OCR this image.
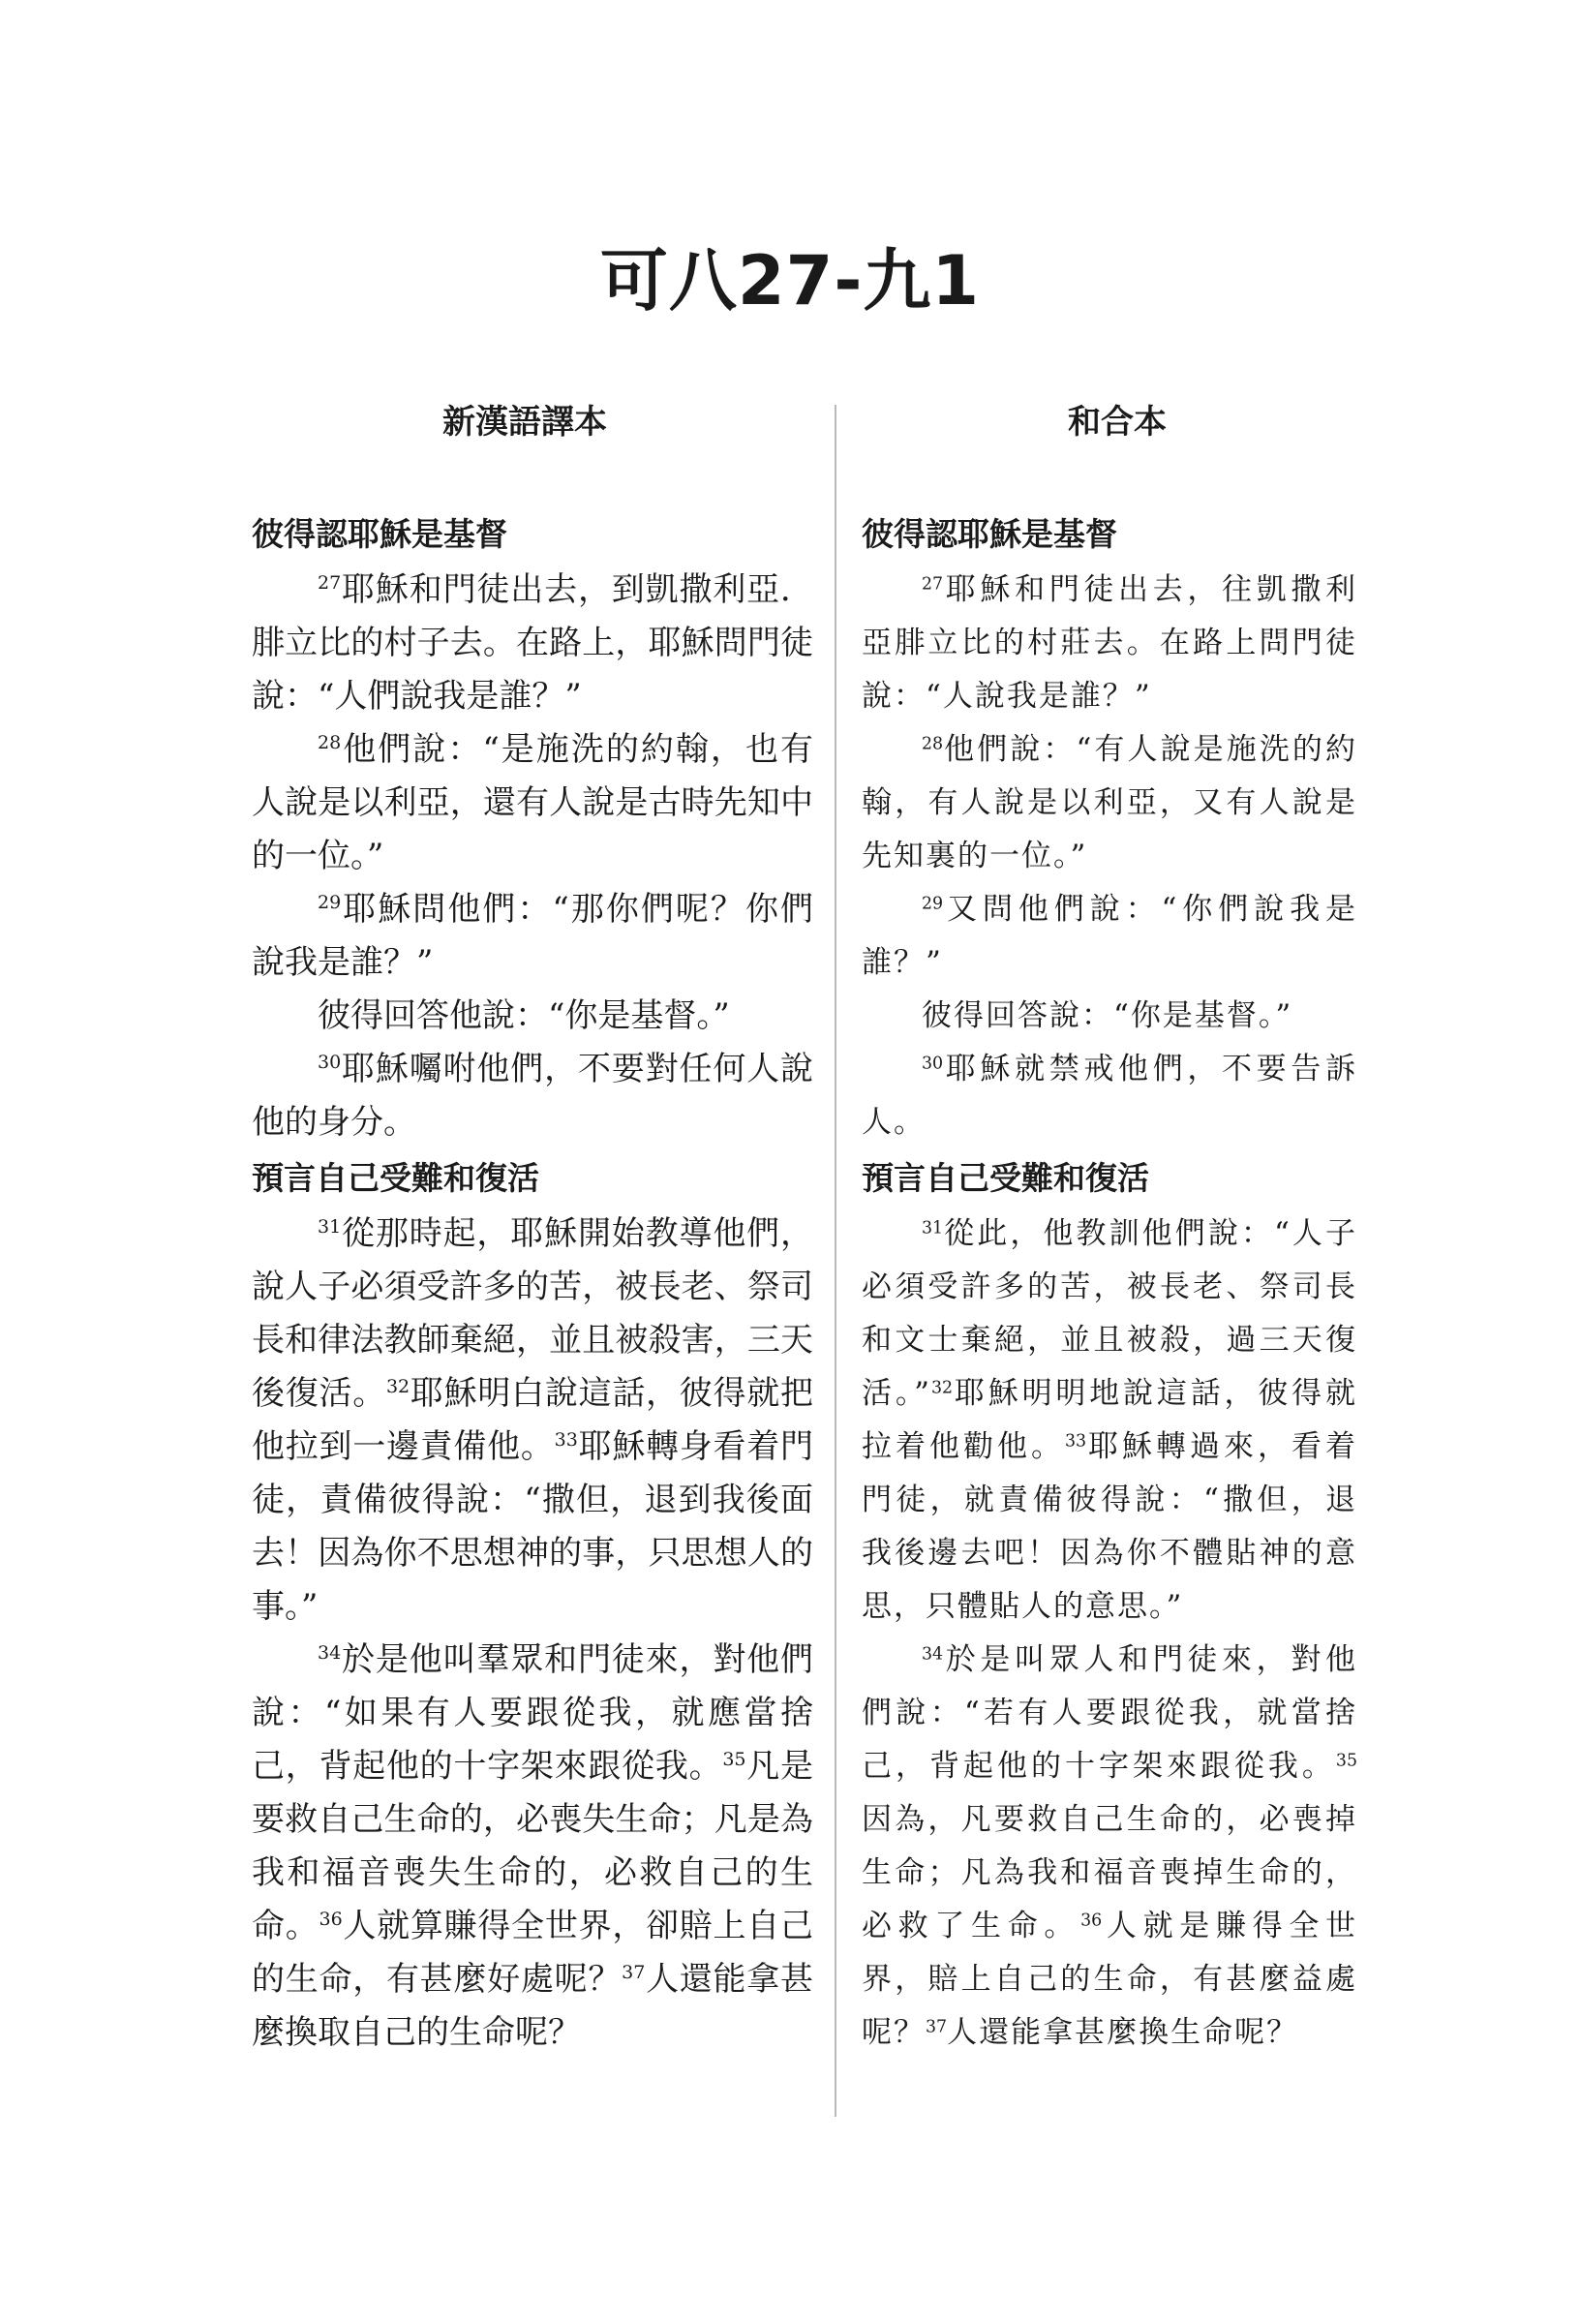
可八27-九1
新漢語譯本	和合本
彼得認耶穌是基督

$^{27}$耶穌和門徒出去，到凱撒利亞．腓立比的村子去。在路上，耶穌問門徒說：“人們說我是誰？”

$^{28}$他們說：“是施洗的約翰，也有人說是以利亞，還有人說是古時先知中的一位。”

$^{29}$耶穌問他們：“那你們呢？你們說我是誰？”

彼得回答他說：“你是基督。”

$^{30}$耶穌囑咐他們，不要對任何人說他的身分。

預言自己受難和復活

$^{31}$從那時起，耶穌開始教導他們，說人子必須受許多的苦，被長老、祭司長和律法教師棄絕，並且被殺害，三天後復活。$^{32}$耶穌明白說這話，彼得就把他拉到一邊責備他。$^{33}$耶穌轉身看着門徒，責備彼得說：“撒但，退到我後面去！因為你不思想神的事，只思想人的事。”

$^{34}$於是他叫羣眾和門徒來，對他們說：“如果有人要跟從我，就應當捨己，背起他的十字架來跟從我。$^{35}$凡是要救自己生命的，必喪失生命；凡是為我和福音喪失生命的，必救自己的生命。$^{36}$人就算賺得全世界，卻賠上自己的生命，有甚麼好處呢？$^{37}$人還能拿甚麼換取自己的生命呢？

彼得認耶穌是基督

$^{27}$耶穌和門徒出去，往凱撒利亞腓立比的村莊去。在路上問門徒說：“人說我是誰？”

$^{28}$他們說：“有人說是施洗的約翰，有人說是以利亞，又有人說是先知裏的一位。”

$^{29}$又問他們說：“你們說我是誰？”

彼得回答說：“你是基督。”

$^{30}$耶穌就禁戒他們，不要告訴人。

預言自己受難和復活

$^{31}$從此，他教訓他們說：“人子必須受許多的苦，被長老、祭司長和文士棄絕，並且被殺，過三天復活。”$^{32}$耶穌明明地說這話，彼得就拉着他勸他。$^{33}$耶穌轉過來，看着門徒，就責備彼得說：“撒但，退我後邊去吧！因為你不體貼神的意思，只體貼人的意思。”

$^{34}$於是叫眾人和門徒來，對他們說：“若有人要跟從我，就當捨己，背起他的十字架來跟從我。$^{35}$因為，凡要救自己生命的，必喪掉生命；凡為我和福音喪掉生命的，必救了生命。$^{36}$人就是賺得全世界，賠上自己的生命，有甚麼益處呢？$^{37}$人還能拿甚麼換生命呢？
